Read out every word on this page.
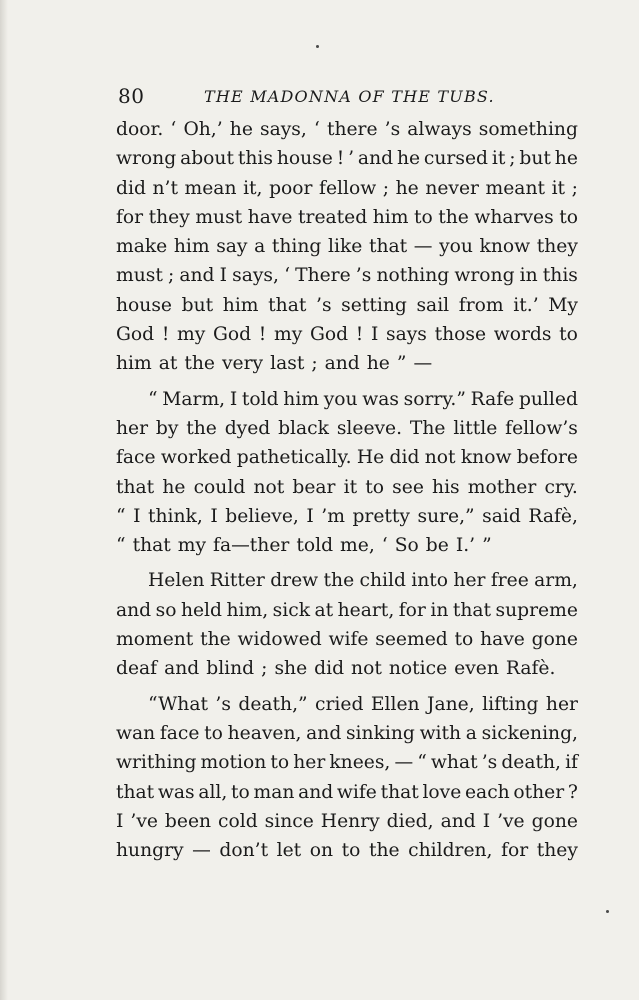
80	THE MADONNA OF THE TUBS.
door. ‘ Oh,’ he says, ‘ there ’s always something
wrong about this house ! ’ and he cursed it ; but he
did n’t mean it, poor fellow ; he never meant it ;
for they must have treated him to the wharves to
make him say a thing like that — you know they
must ; and I says, ‘ There ’s nothing wrong in this
house but him that ’s setting sail from it.’ My
God ! my God ! my God ! I says those words to
him at the very last ; and he ” —
“ Marm, I told him you was sorry.” Rafe pulled
her by the dyed black sleeve. The little fellow’s
face worked pathetically. He did not know before
that he could not bear it to see his mother cry.
“ I think, I believe, I ’m pretty sure,” said Rafè,
“ that my fa—ther told me, ‘ So be I.’ ”
Helen Ritter drew the child into her free arm,
and so held him, sick at heart, for in that supreme
moment the widowed wife seemed to have gone
deaf and blind ; she did not notice even Rafè.
“What ’s death,” cried Ellen Jane, lifting her
wan face to heaven, and sinking with a sickening,
writhing motion to her knees, — “ what ’s death, if
that was all, to man and wife that love each other ?
I ’ve been cold since Henry died, and I ’ve gone
hungry — don’t let on to the children, for they
